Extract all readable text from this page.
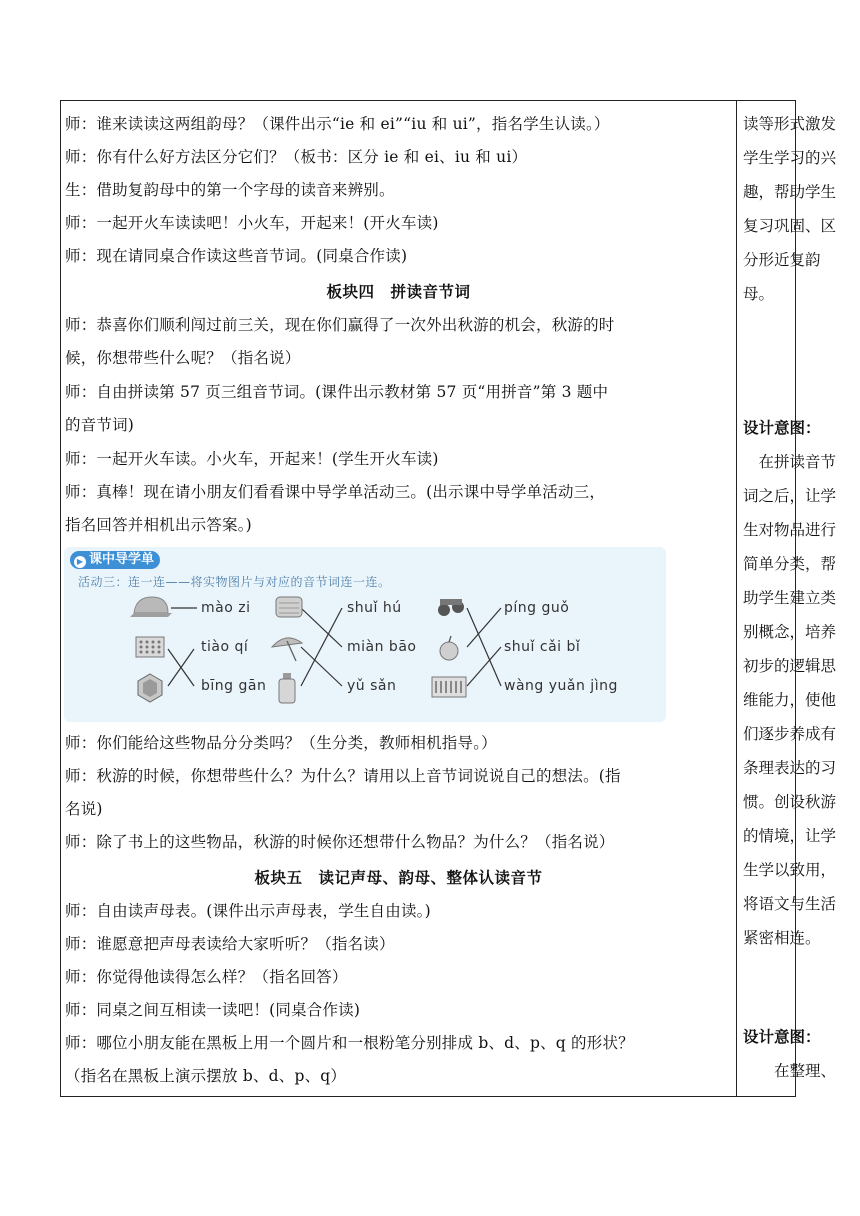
师：谁来读读这两组韵母？（课件出示“ie 和 ei”“iu 和 ui”，指名学生认读。）
师：你有什么好方法区分它们？（板书：区分 ie 和 ei、iu 和 ui）
生：借助复韵母中的第一个字母的读音来辨别。
师：一起开火车读读吧！小火车，开起来！(开火车读)
师：现在请同桌合作读这些音节词。(同桌合作读)
板块四　拼读音节词
师：恭喜你们顺利闯过前三关，现在你们赢得了一次外出秋游的机会，秋游的时
候，你想带些什么呢？（指名说）
师：自由拼读第 57 页三组音节词。(课件出示教材第 57 页“用拼音”第 3 题中
的音节词)
师：一起开火车读。小火车，开起来！(学生开火车读)
师：真棒！现在请小朋友们看看课中导学单活动三。(出示课中导学单活动三，
指名回答并相机出示答案。)
▶ 课中导学单
活动三：连一连——将实物图片与对应的音节词连一连。
mào zi
tiào qí
bīng gān
shuǐ hú
miàn bāo
yǔ sǎn
píng guǒ
shuǐ cǎi bǐ
wàng yuǎn jìng
师：你们能给这些物品分分类吗？（生分类，教师相机指导。）
师：秋游的时候，你想带些什么？为什么？请用以上音节词说说自己的想法。(指
名说)
师：除了书上的这些物品，秋游的时候你还想带什么物品？为什么？（指名说）
板块五　读记声母、韵母、整体认读音节
师：自由读声母表。(课件出示声母表，学生自由读。)
师：谁愿意把声母表读给大家听听？（指名读）
师：你觉得他读得怎么样？（指名回答）
师：同桌之间互相读一读吧！(同桌合作读)
师：哪位小朋友能在黑板上用一个圆片和一根粉笔分别排成 b、d、p、q 的形状？
（指名在黑板上演示摆放 b、d、p、q）
读等形式激发
学生学习的兴
趣，帮助学生
复习巩固、区
分形近复韵
母。
设计意图：
　在拼读音节
词之后，让学
生对物品进行
简单分类，帮
助学生建立类
别概念，培养
初步的逻辑思
维能力，使他
们逐步养成有
条理表达的习
惯。创设秋游
的情境，让学
生学以致用，
将语文与生活
紧密相连。
设计意图：
　　在整理、
